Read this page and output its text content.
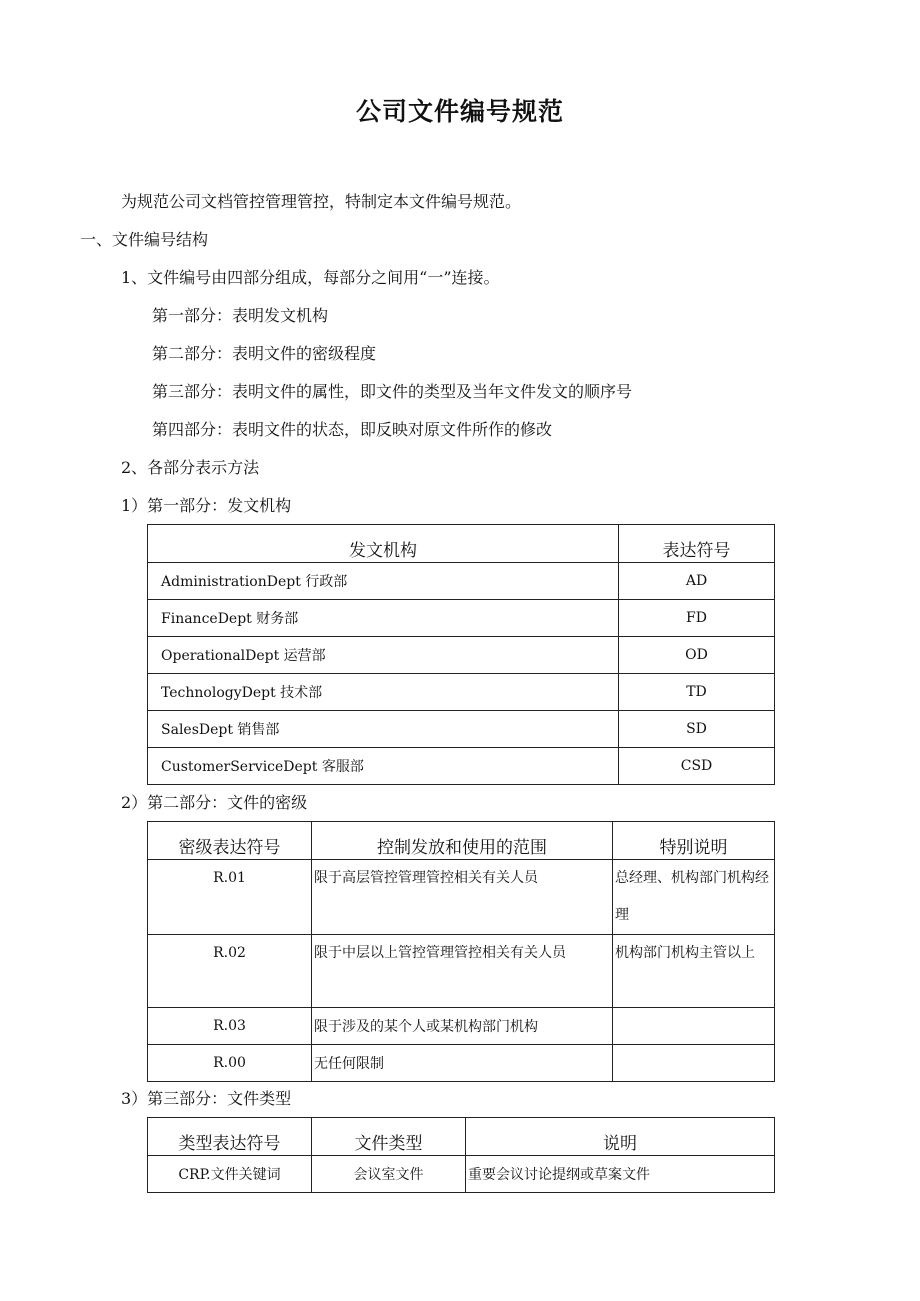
公司文件编号规范
为规范公司文档管控管理管控，特制定本文件编号规范。
一、文件编号结构
1、文件编号由四部分组成，每部分之间用“一”连接。
第一部分：表明发文机构
第二部分：表明文件的密级程度
第三部分：表明文件的属性，即文件的类型及当年文件发文的顺序号
第四部分：表明文件的状态，即反映对原文件所作的修改
2、各部分表示方法
1）第一部分：发文机构
发文机构	表达符号
AdministrationDept 行政部	AD
FinanceDept 财务部	FD
OperationalDept 运营部	OD
TechnologyDept 技术部	TD
SalesDept 销售部	SD
CustomerServiceDept 客服部	CSD
2）第二部分：文件的密级
密级表达符号	控制发放和使用的范围	特别说明
R.01	限于高层管控管理管控相关有关人员	总经理、机构部门机构经理
R.02	限于中层以上管控管理管控相关有关人员	机构部门机构主管以上
R.03	限于涉及的某个人或某机构部门机构	
R.00	无任何限制	
3）第三部分：文件类型
类型表达符号	文件类型	说明
CRP.文件关键词	会议室文件	重要会议讨论提纲或草案文件
